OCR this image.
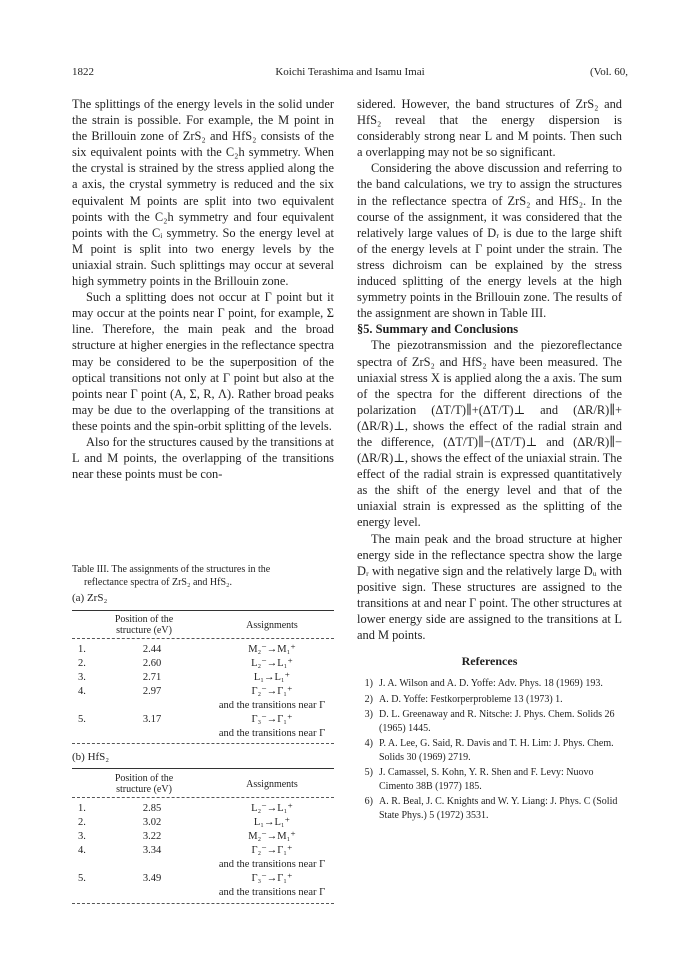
1822	Koichi Terashima and Isamu Imai	(Vol. 60,

The splittings of the energy levels in the solid under the strain is possible. For example, the M point in the Brillouin zone of ZrS₂ and HfS₂ consists of the six equivalent points with the C₂h symmetry. When the crystal is strained by the stress applied along the a axis, the crystal symmetry is reduced and the six equivalent M points are split into two equivalent points with the C₂h symmetry and four equivalent points with the Cᵢ symmetry. So the energy level at M point is split into two energy levels by the uniaxial strain. Such splittings may occur at several high symmetry points in the Brillouin zone.

Such a splitting does not occur at Γ point but it may occur at the points near Γ point, for example, Σ line. Therefore, the main peak and the broad structure at higher energies in the reflectance spectra may be considered to be the superposition of the optical transitions not only at Γ point but also at the points near Γ point (A, Σ, R, Λ). Rather broad peaks may be due to the overlapping of the transitions at these points and the spin-orbit splitting of the levels.

Also for the structures caused by the transitions at L and M points, the overlapping of the transitions near these points must be con-

Table III. The assignments of the structures in the
reflectance spectra of ZrS₂ and HfS₂.
(a) ZrS₂
Position of the
structure (eV)	Assignments
1.	2.44	M₂⁻→M₁⁺
2.	2.60	L₂⁻→L₁⁺
3.	2.71	L₁→L₁⁺
4.	2.97	Γ₂⁻→Γ₁⁺
and the transitions near Γ
5.	3.17	Γ₃⁻→Γ₁⁺
and the transitions near Γ
(b) HfS₂
Position of the
structure (eV)	Assignments
1.	2.85	L₂⁻→L₁⁺
2.	3.02	L₁→L₁⁺
3.	3.22	M₂⁻→M₁⁺
4.	3.34	Γ₂⁻→Γ₁⁺
and the transitions near Γ
5.	3.49	Γ₃⁻→Γ₁⁺
and the transitions near Γ

sidered. However, the band structures of ZrS₂ and HfS₂ reveal that the energy dispersion is considerably strong near L and M points. Then such a overlapping may not be so significant.

Considering the above discussion and referring to the band calculations, we try to assign the structures in the reflectance spectra of ZrS₂ and HfS₂. In the course of the assignment, it was considered that the relatively large values of Dᵣ is due to the large shift of the energy levels at Γ point under the strain. The stress dichroism can be explained by the stress induced splitting of the energy levels at the high symmetry points in the Brillouin zone. The results of the assignment are shown in Table III.

§5. Summary and Conclusions

The piezotransmission and the piezoreflectance spectra of ZrS₂ and HfS₂ have been measured. The uniaxial stress X is applied along the a axis. The sum of the spectra for the different directions of the polarization (ΔT/T)∥+(ΔT/T)⊥ and (ΔR/R)∥+(ΔR/R)⊥, shows the effect of the radial strain and the difference, (ΔT/T)∥−(ΔT/T)⊥ and (ΔR/R)∥−(ΔR/R)⊥, shows the effect of the uniaxial strain. The effect of the radial strain is expressed quantitatively as the shift of the energy level and that of the uniaxial strain is expressed as the splitting of the energy level.

The main peak and the broad structure at higher energy side in the reflectance spectra show the large Dᵣ with negative sign and the relatively large Dᵤ with positive sign. These structures are assigned to the transitions at and near Γ point. The other structures at lower energy side are assigned to the transitions at L and M points.

References
1) J. A. Wilson and A. D. Yoffe: Adv. Phys. 18 (1969) 193.
2) A. D. Yoffe: Festkorperprobleme 13 (1973) 1.
3) D. L. Greenaway and R. Nitsche: J. Phys. Chem. Solids 26 (1965) 1445.
4) P. A. Lee, G. Said, R. Davis and T. H. Lim: J. Phys. Chem. Solids 30 (1969) 2719.
5) J. Camassel, S. Kohn, Y. R. Shen and F. Levy: Nuovo Cimento 38B (1977) 185.
6) A. R. Beal, J. C. Knights and W. Y. Liang: J. Phys. C (Solid State Phys.) 5 (1972) 3531.
